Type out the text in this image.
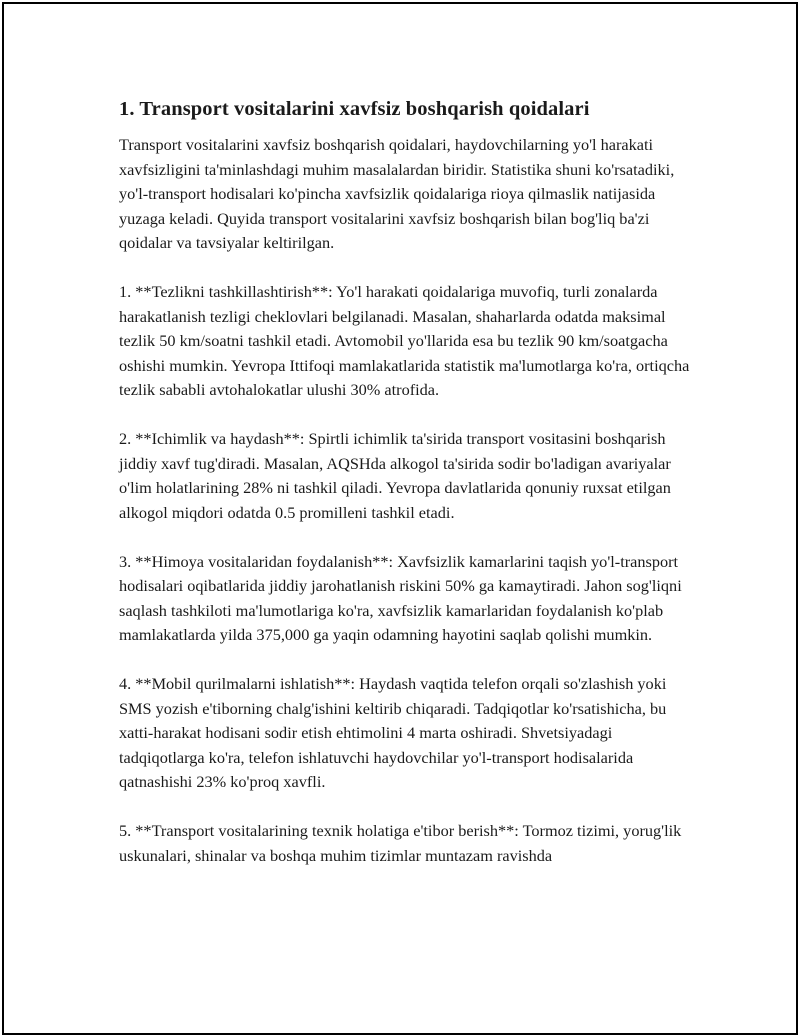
1. Transport vositalarini xavfsiz boshqarish qoidalari

Transport vositalarini xavfsiz boshqarish qoidalari, haydovchilarning yo'l harakati xavfsizligini ta'minlashdagi muhim masalalardan biridir. Statistika shuni ko'rsatadiki, yo'l-transport hodisalari ko'pincha xavfsizlik qoidalariga rioya qilmaslik natijasida yuzaga keladi. Quyida transport vositalarini xavfsiz boshqarish bilan bog'liq ba'zi qoidalar va tavsiyalar keltirilgan.

1. **Tezlikni tashkillashtirish**: Yo'l harakati qoidalariga muvofiq, turli zonalarda harakatlanish tezligi cheklovlari belgilanadi. Masalan, shaharlarda odatda maksimal tezlik 50 km/soatni tashkil etadi. Avtomobil yo'llarida esa bu tezlik 90 km/soatgacha oshishi mumkin. Yevropa Ittifoqi mamlakatlarida statistik ma'lumotlarga ko'ra, ortiqcha tezlik sababli avtohalokatlar ulushi 30% atrofida.

2. **Ichimlik va haydash**: Spirtli ichimlik ta'sirida transport vositasini boshqarish jiddiy xavf tug'diradi. Masalan, AQSHda alkogol ta'sirida sodir bo'ladigan avariyalar o'lim holatlarining 28% ni tashkil qiladi. Yevropa davlatlarida qonuniy ruxsat etilgan alkogol miqdori odatda 0.5 promilleni tashkil etadi.

3. **Himoya vositalaridan foydalanish**: Xavfsizlik kamarlarini taqish yo'l-transport hodisalari oqibatlarida jiddiy jarohatlanish riskini 50% ga kamaytiradi. Jahon sog'liqni saqlash tashkiloti ma'lumotlariga ko'ra, xavfsizlik kamarlaridan foydalanish ko'plab mamlakatlarda yilda 375,000 ga yaqin odamning hayotini saqlab qolishi mumkin.

4. **Mobil qurilmalarni ishlatish**: Haydash vaqtida telefon orqali so'zlashish yoki SMS yozish e'tiborning chalg'ishini keltirib chiqaradi. Tadqiqotlar ko'rsatishicha, bu xatti-harakat hodisani sodir etish ehtimolini 4 marta oshiradi. Shvetsiyadagi tadqiqotlarga ko'ra, telefon ishlatuvchi haydovchilar yo'l-transport hodisalarida qatnashishi 23% ko'proq xavfli.

5. **Transport vositalarining texnik holatiga e'tibor berish**: Tormoz tizimi, yorug'lik uskunalari, shinalar va boshqa muhim tizimlar muntazam ravishda
